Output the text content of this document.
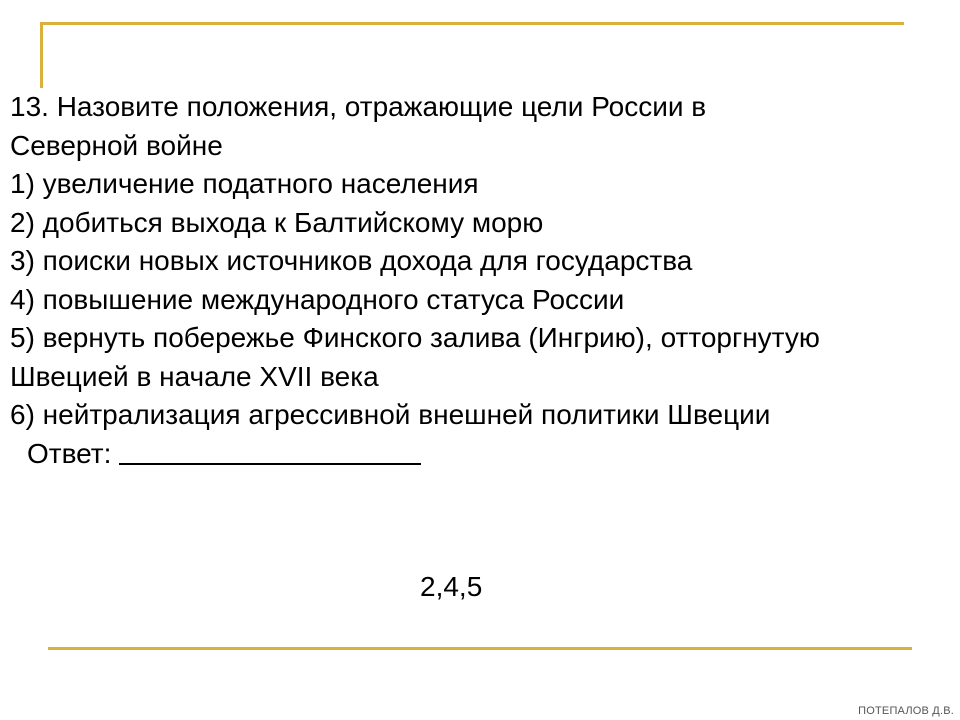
13. Назовите положения, отражающие цели России в

Северной войне

1) увеличение податного населения

2) добиться выхода к Балтийскому морю

3) поиски новых источников дохода для государства

4) повышение международного статуса России

5) вернуть побережье Финского залива (Ингрию), отторгнутую

Швецией в начале XVII века

6) нейтрализация агрессивной внешней политики Швеции

Ответ:

2,4,5
ПОТЕПАЛОВ Д.В.
